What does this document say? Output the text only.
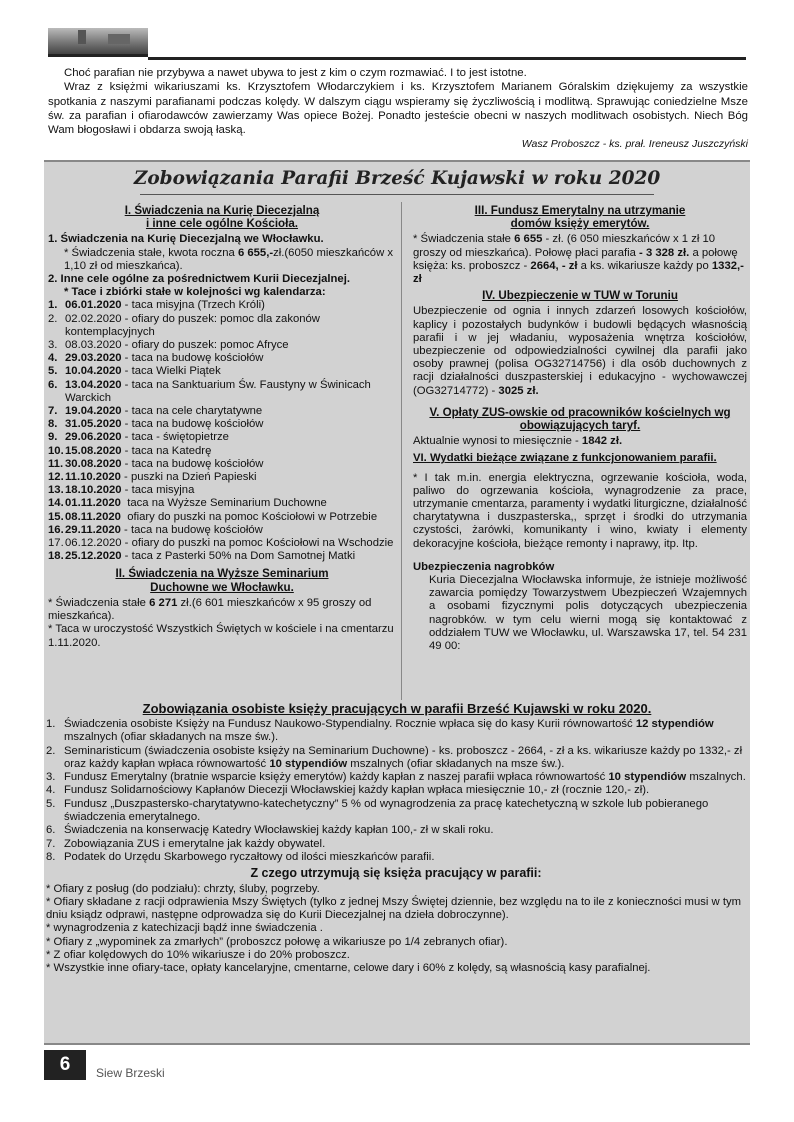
Choć parafian nie przybywa a nawet ubywa to jest z kim o czym rozmawiać. I to jest istotne.

Wraz z księżmi wikariuszami ks. Krzysztofem Włodarczykiem i ks. Krzysztofem Marianem Góralskim dziękujemy za wszystkie spotkania z naszymi parafianami podczas kolędy. W dalszym ciągu wspieramy się życzliwością i modlitwą. Sprawując coniedzielne Msze św. za parafian i ofiarodawców zawierzamy Was opiece Bożej. Ponadto jesteście obecni w naszych modlitwach osobistych. Niech Bóg Wam błogosławi i obdarza swoją łaską.

Wasz Proboszcz - ks. prał. Ireneusz Juszczyński

Zobowiązania Parafii Brześć Kujawski w roku 2020
I. Świadczenia na Kurię Diecezjalną
i inne cele ogólne Kościoła.
1. Świadczenia na Kurię Diecezjalną we Włocławku.
* Świadczenia stałe, kwota roczna 6 655,-zł.(6050 mieszkańców x 1,10 zł od mieszkańca).
2. Inne cele ogólne za pośrednictwem Kurii Diecezjalnej.
* Tace i zbiórki stałe w kolejności wg kalendarza:
1. 06.01.2020 - taca misyjna (Trzech Króli)
2. 02.02.2020 - ofiary do puszek: pomoc dla zakonów kontemplacyjnych
3. 08.03.2020 - ofiary do puszek: pomoc Afryce
4. 29.03.2020 - taca na budowę kościołów
5. 10.04.2020 - taca Wielki Piątek
6. 13.04.2020 - taca na Sanktuarium Św. Faustyny w Świnicach Warckich
7. 19.04.2020 - taca na cele charytatywne
8. 31.05.2020 - taca na budowę kościołów
9. 29.06.2020 - taca - świętopietrze
10. 15.08.2020 - taca na Katedrę
11. 30.08.2020 - taca na budowę kościołów
12. 11.10.2020 - puszki na Dzień Papieski
13. 18.10.2020 - taca misyjna
14. 01.11.2020  taca na Wyższe Seminarium Duchowne
15. 08.11.2020  ofiary do puszki na pomoc Kościołowi w Potrzebie
16. 29.11.2020 - taca na budowę kościołów
17. 06.12.2020 - ofiary do puszki na pomoc Kościołowi na Wschodzie
18. 25.12.2020 - taca z Pasterki 50% na Dom Samotnej Matki
II. Świadczenia na Wyższe Seminarium
Duchowne we Włocławku.
* Świadczenia stałe 6 271 zł.(6 601 mieszkańców x 95 groszy od mieszkańca).
* Taca w uroczystość Wszystkich Świętych w kościele i na cmentarzu 1.11.2020.
III. Fundusz Emerytalny na utrzymanie
domów księży emerytów.
* Świadczenia stałe 6 655 - zł. (6 050 mieszkańców x 1 zł 10 groszy od mieszkańca). Połowę płaci parafia - 3 328 zł. a połowę księża: ks. proboszcz - 2664, - zł a ks. wikariusze każdy po 1332,- zł
IV. Ubezpieczenie w TUW w Toruniu
Ubezpieczenie od ognia i innych zdarzeń losowych kościołów, kaplicy i pozostałych budynków i budowli będących własnością parafii i w jej władaniu, wyposażenia wnętrza kościołów, ubezpieczenie od odpowiedzialności cywilnej dla parafii jako osoby prawnej (polisa OG32714756) i dla osób duchownych z racji działalności duszpasterskiej i edukacyjno - wychowawczej (OG32714772) - 3025 zł.
V. Opłaty ZUS-owskie od pracowników kościelnych wg
obowiązujących taryf.
Aktualnie wynosi to miesięcznie - 1842 zł.
VI. Wydatki bieżące związane z funkcjonowaniem parafii.
* I tak m.in. energia elektryczna, ogrzewanie kościoła, woda, paliwo do ogrzewania kościoła, wynagrodzenie za prace, utrzymanie cmentarza, paramenty i wydatki liturgiczne, działalność charytatywna i duszpasterska,, sprzęt i środki do utrzymania czystości, żarówki, komunikanty i wino, kwiaty i elementy dekoracyjne kościoła, bieżące remonty i naprawy, itp. Itp.
Ubezpieczenia nagrobków
Kuria Diecezjalna Włocławska informuje, że istnieje możliwość zawarcia pomiędzy Towarzystwem Ubezpieczeń Wzajemnych a osobami fizycznymi polis dotyczących ubezpieczenia nagrobków. w tym celu wierni mogą się kontaktować z oddziałem TUW we Włocławku, ul. Warszawska 17, tel. 54 231 49 00:
Zobowiązania osobiste księży pracujących w parafii Brześć Kujawski w roku 2020.
1. Świadczenia osobiste Księży na Fundusz Naukowo-Stypendialny. Rocznie wpłaca się do kasy Kurii równowartość 12 stypendiów mszalnych (ofiar składanych na msze św.).
2. Seminaristicum (świadczenia osobiste księży na Seminarium Duchowne) - ks. proboszcz - 2664, - zł a ks. wikariusze każdy po 1332,- zł oraz każdy kapłan wpłaca równowartość 10 stypendiów mszalnych (ofiar składanych na msze św.).
3. Fundusz Emerytalny (bratnie wsparcie księży emerytów) każdy kapłan z naszej parafii wpłaca równowartość 10 stypendiów mszalnych.
4. Fundusz Solidarnościowy Kapłanów Diecezji Włocławskiej każdy kapłan wpłaca miesięcznie 10,- zł (rocznie 120,- zł).
5. Fundusz „Duszpastersko-charytatywno-katechetyczny” 5 % od wynagrodzenia za pracę katechetyczną w szkole lub pobieranego świadczenia emerytalnego.
6. Świadczenia na konserwację Katedry Włocławskiej każdy kapłan 100,- zł w skali roku.
7. Zobowiązania ZUS i emerytalne jak każdy obywatel.
8. Podatek do Urzędu Skarbowego ryczałtowy od ilości mieszkańców parafii.
Z czego utrzymują się księża pracujący w parafii:

* Ofiary z posług (do podziału): chrzty, śluby, pogrzeby.

* Ofiary składane z racji odprawienia Mszy Świętych (tylko z jednej Mszy Świętej dziennie, bez względu na to ile z konieczności musi w tym dniu ksiądz odprawi, następne odprowadza się do Kurii Diecezjalnej na dzieła dobroczynne).

* wynagrodzenia z katechizacji bądź inne świadczenia .

* Ofiary z „wypominek za zmarłych” (proboszcz połowę a wikariusze po 1/4 zebranych ofiar).

* Z ofiar kolędowych do 10% wikariusze i do 20% proboszcz.

* Wszystkie inne ofiary-tace, opłaty kancelaryjne, cmentarne, celowe dary i 60% z kolędy, są własnością kasy parafialnej.

6	Siew Brzeski
